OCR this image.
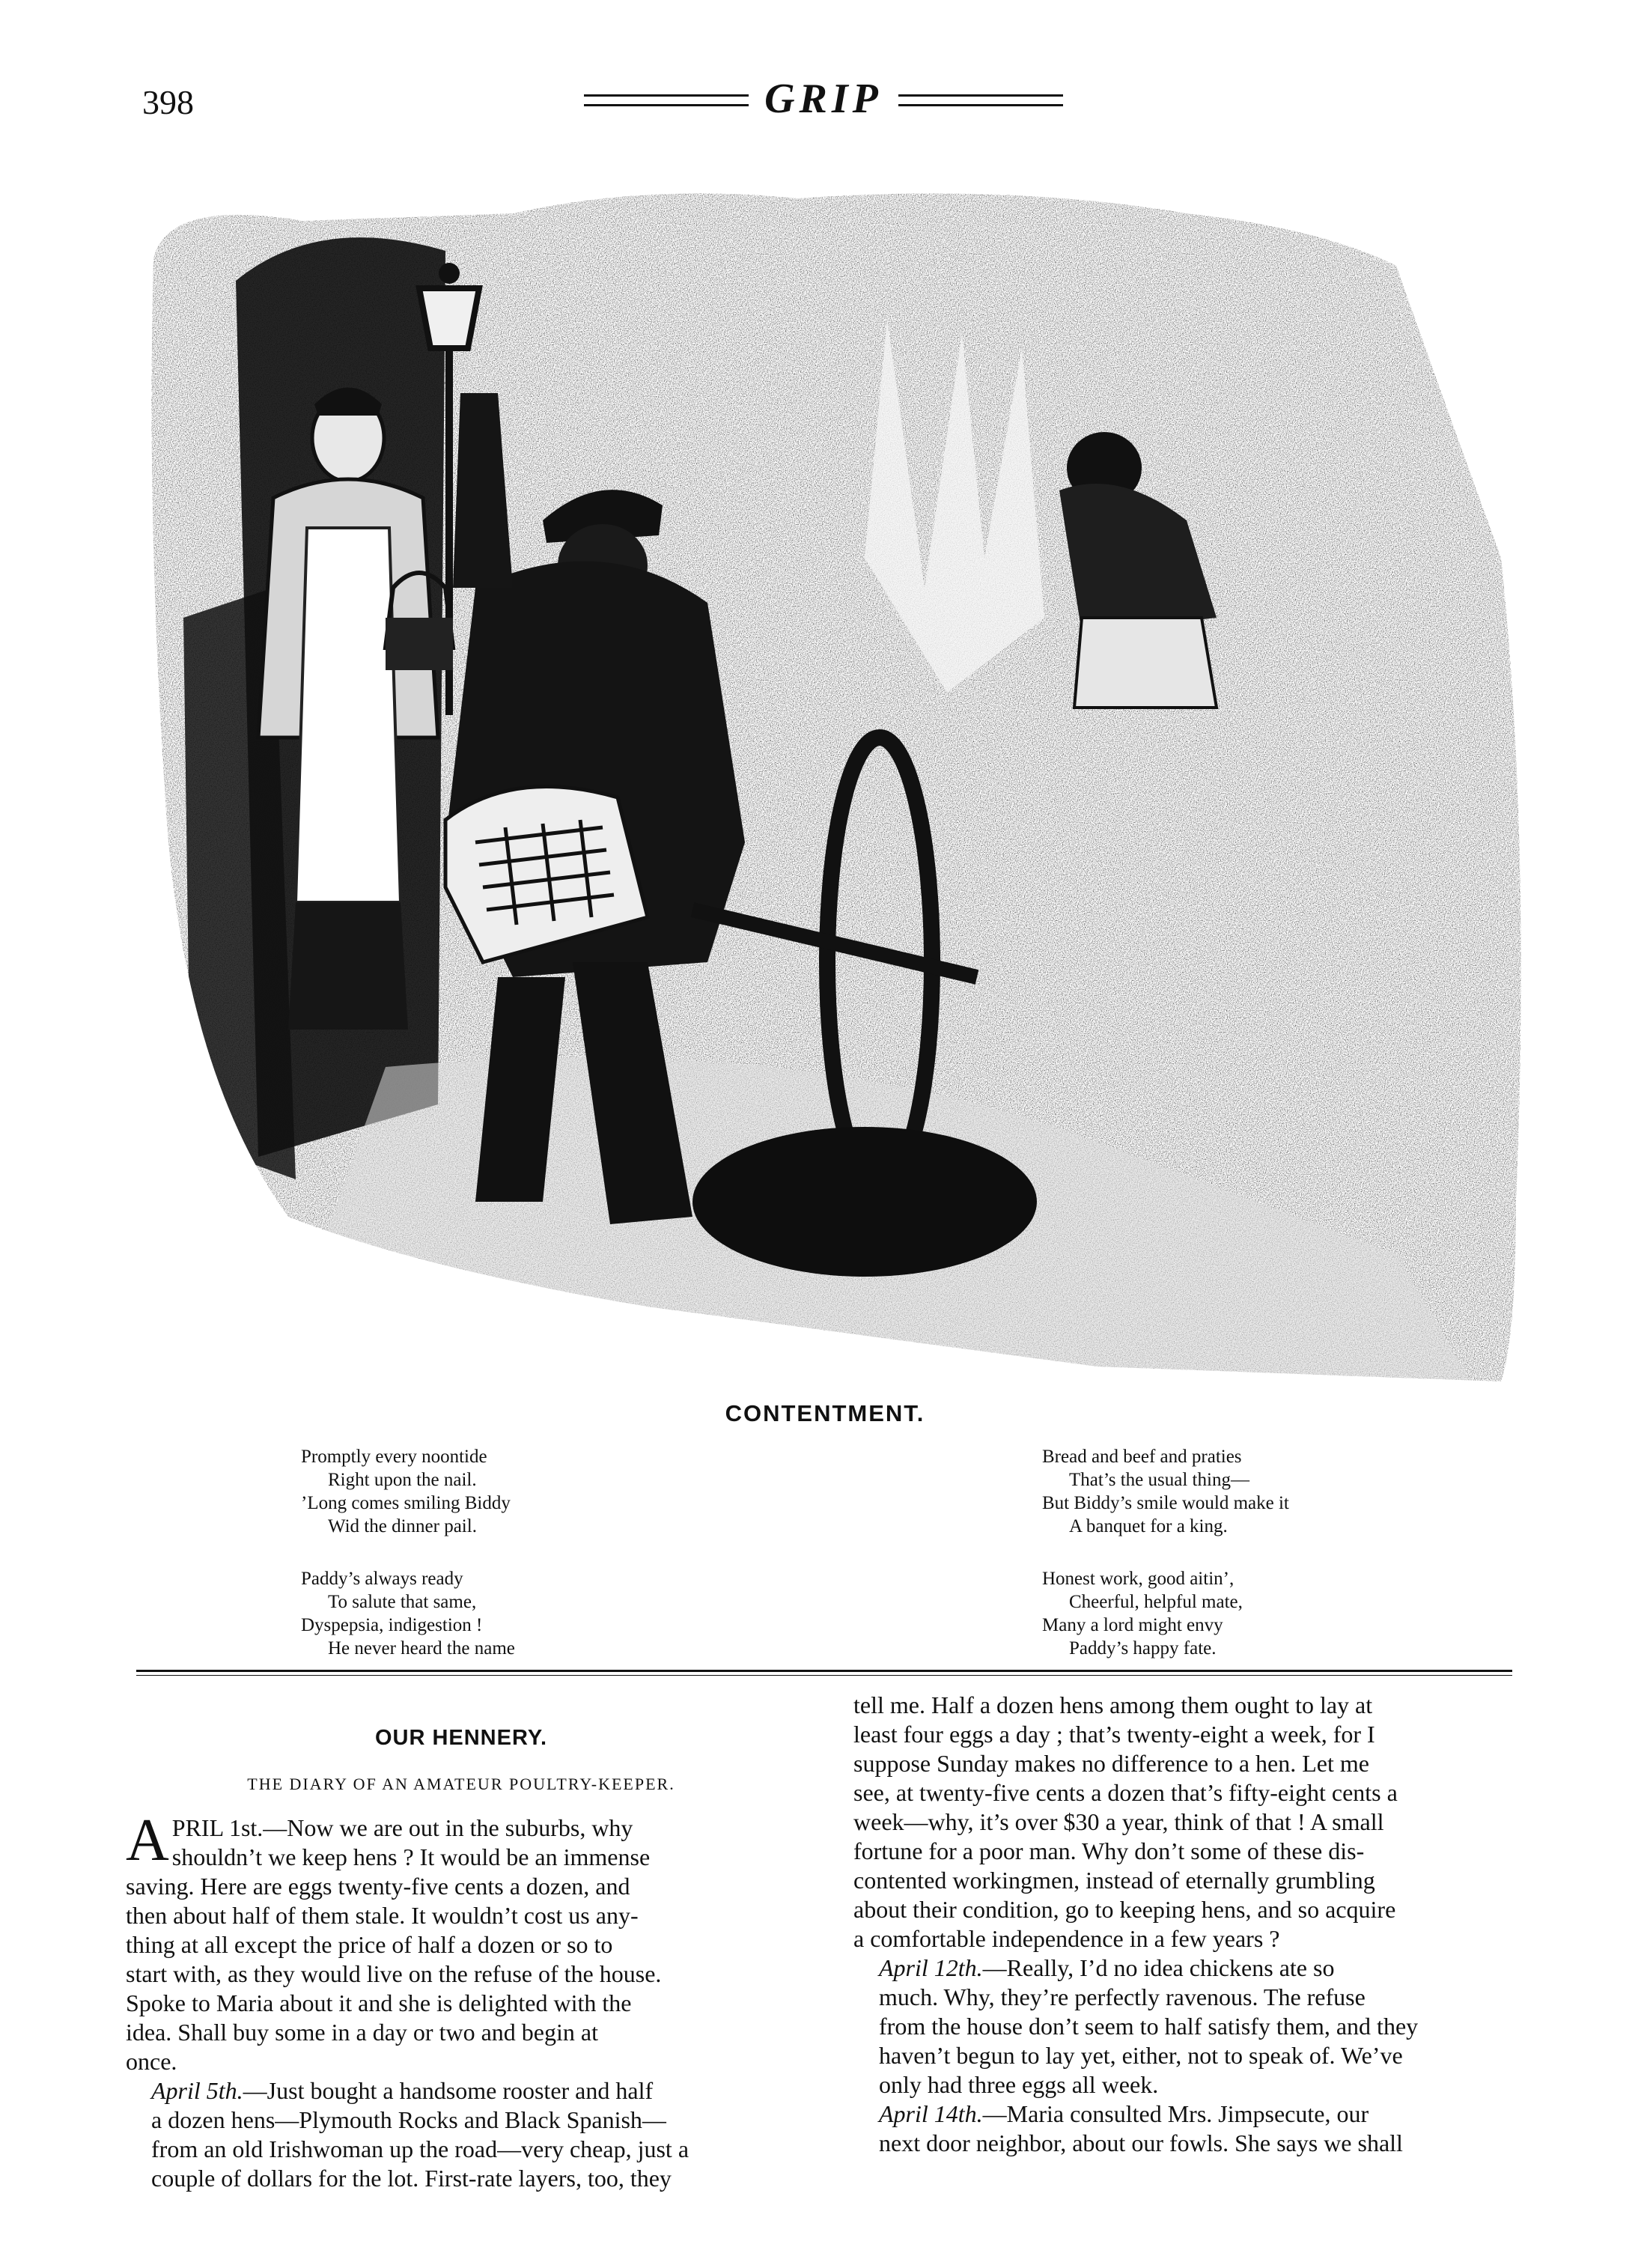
398	GRIP
CONTENTMENT.
Promptly every noontide
Right upon the nail.
’Long comes smiling Biddy
Wid the dinner pail.
Paddy’s always ready
To salute that same,
Dyspepsia, indigestion !
He never heard the name
Bread and beef and praties
That’s the usual thing—
But Biddy’s smile would make it
A banquet for a king.
Honest work, good aitin’,
Cheerful, helpful mate,
Many a lord might envy
Paddy’s happy fate.
OUR HENNERY.
THE DIARY OF AN AMATEUR POULTRY-KEEPER.

A PRIL 1st.—Now we are out in the suburbs, why
shouldn’t we keep hens ? It would be an immense
saving. Here are eggs twenty-five cents a dozen, and
then about half of them stale. It wouldn’t cost us any-
thing at all except the price of half a dozen or so to
start with, as they would live on the refuse of the house.
Spoke to Maria about it and she is delighted with the
idea. Shall buy some in a day or two and begin at
once.

April 5th.—Just bought a handsome rooster and half
a dozen hens—Plymouth Rocks and Black Spanish—
from an old Irishwoman up the road—very cheap, just a
couple of dollars for the lot. First-rate layers, too, they

tell me. Half a dozen hens among them ought to lay at
least four eggs a day ; that’s twenty-eight a week, for I
suppose Sunday makes no difference to a hen. Let me
see, at twenty-five cents a dozen that’s fifty-eight cents a
week—why, it’s over $30 a year, think of that ! A small
fortune for a poor man. Why don’t some of these dis-
contented workingmen, instead of eternally grumbling
about their condition, go to keeping hens, and so acquire
a comfortable independence in a few years ?

April 12th.—Really, I’d no idea chickens ate so
much. Why, they’re perfectly ravenous. The refuse
from the house don’t seem to half satisfy them, and they
haven’t begun to lay yet, either, not to speak of. We’ve
only had three eggs all week.

April 14th.—Maria consulted Mrs. Jimpsecute, our
next door neighbor, about our fowls. She says we shall
